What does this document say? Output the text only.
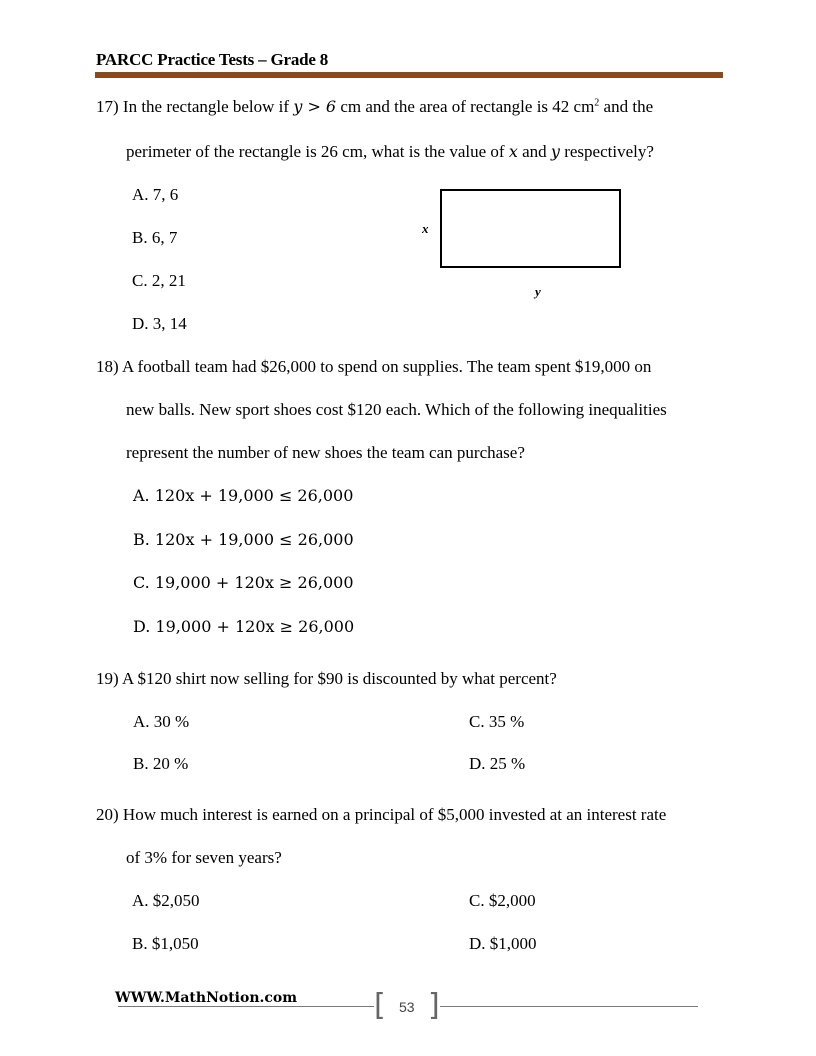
PARCC Practice Tests – Grade 8
17) In the rectangle below if y > 6 cm and the area of rectangle is 42 $cm^2$ and the
perimeter of the rectangle is 26 cm, what is the value of x and y respectively?
A. 7, 6
B. 6, 7
C. 2, 21
D. 3, 14
x
y
18) A football team had $26,000 to spend on supplies. The team spent $19,000 on
new balls. New sport shoes cost $120 each. Which of the following inequalities
represent the number of new shoes the team can purchase?
A. 120x + 19,000 ≤ 26,000
B. 120x + 19,000 ≤ 26,000
C. 19,000 + 120x ≥ 26,000
D. 19,000 + 120x ≥ 26,000
19) A $120 shirt now selling for $90 is discounted by what percent?
A. 30 %	C. 35 %
B. 20 %	D. 25 %
20) How much interest is earned on a principal of $5,000 invested at an interest rate
of 3% for seven years?
A. $2,050	C. $2,000
B. $1,050	D. $1,000
WWW.MathNotion.com	[ 53 ]
